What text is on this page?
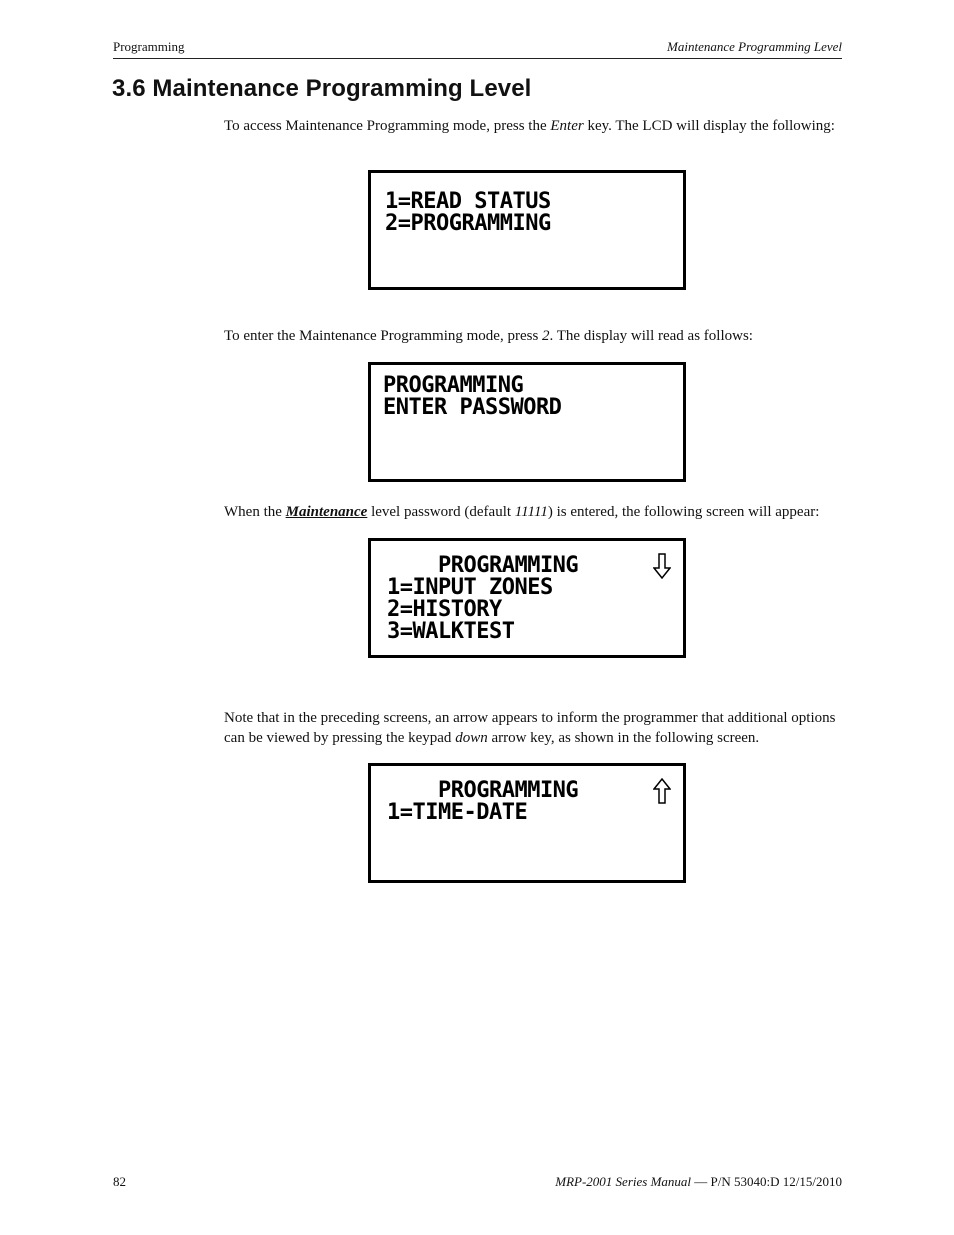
Programming	Maintenance Programming Level
3.6 Maintenance Programming Level

To access Maintenance Programming mode, press the Enter key. The LCD will display the following:

1=READ STATUS
2=PROGRAMMING

To enter the Maintenance Programming mode, press 2. The display will read as follows:

PROGRAMMING
ENTER PASSWORD

When the Maintenance level password (default 11111) is entered, the following screen will appear:

PROGRAMMING
1=INPUT ZONES
2=HISTORY
3=WALKTEST

Note that in the preceding screens, an arrow appears to inform the programmer that additional options can be viewed by pressing the keypad down arrow key, as shown in the following screen.

PROGRAMMING
1=TIME-DATE
82	MRP-2001 Series Manual — P/N 53040:D 12/15/2010
